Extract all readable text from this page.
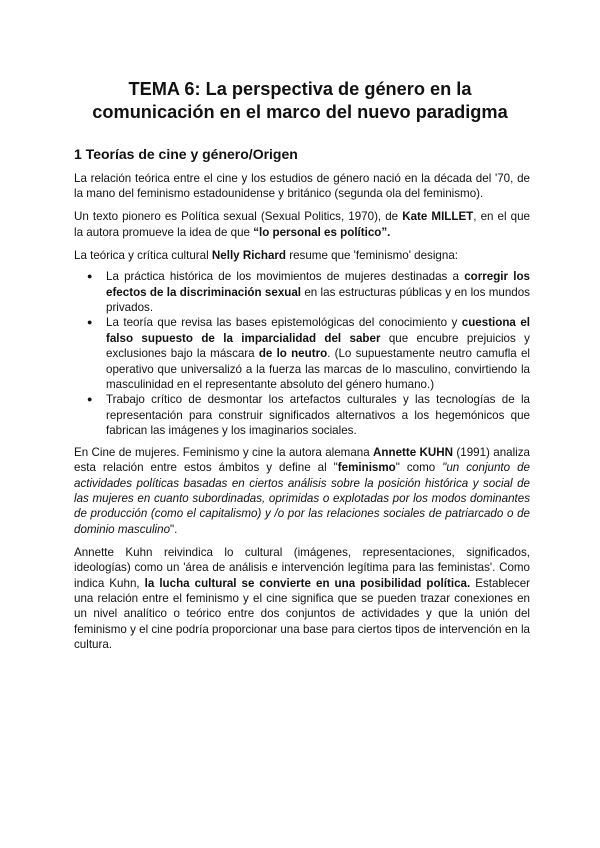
TEMA 6: La perspectiva de género en la
comunicación en el marco del nuevo paradigma
1 Teorías de cine y género/Origen

La relación teórica entre el cine y los estudios de género nació en la década del '70, de la mano del feminismo estadounidense y británico (segunda ola del feminismo).

Un texto pionero es Política sexual (Sexual Politics, 1970), de Kate MILLET, en el que la autora promueve la idea de que “lo personal es político”.

La teórica y crítica cultural Nelly Richard resume que 'feminismo' designa:

● La práctica histórica de los movimientos de mujeres destinadas a corregir los efectos de la discriminación sexual en las estructuras públicas y en los mundos privados.
● La teoría que revisa las bases epistemológicas del conocimiento y cuestiona el falso supuesto de la imparcialidad del saber que encubre prejuicios y exclusiones bajo la máscara de lo neutro. (Lo supuestamente neutro camufla el operativo que universalizó a la fuerza las marcas de lo masculino, convirtiendo la masculinidad en el representante absoluto del género humano.)
● Trabajo crítico de desmontar los artefactos culturales y las tecnologías de la representación para construir significados alternativos a los hegemónicos que fabrican las imágenes y los imaginarios sociales.

En Cine de mujeres. Feminismo y cine la autora alemana Annette KUHN (1991) analiza esta relación entre estos ámbitos y define al "feminismo" como "un conjunto de actividades políticas basadas en ciertos análisis sobre la posición histórica y social de las mujeres en cuanto subordinadas, oprimidas o explotadas por los modos dominantes de producción (como el capitalismo) y /o por las relaciones sociales de patriarcado o de dominio masculino".

Annette Kuhn reivindica lo cultural (imágenes, representaciones, significados, ideologías) como un 'área de análisis e intervención legítima para las feministas'. Como indica Kuhn, la lucha cultural se convierte en una posibilidad política. Establecer una relación entre el feminismo y el cine significa que se pueden trazar conexiones en un nivel analítico o teórico entre dos conjuntos de actividades y que la unión del feminismo y el cine podría proporcionar una base para ciertos tipos de intervención en la cultura.
